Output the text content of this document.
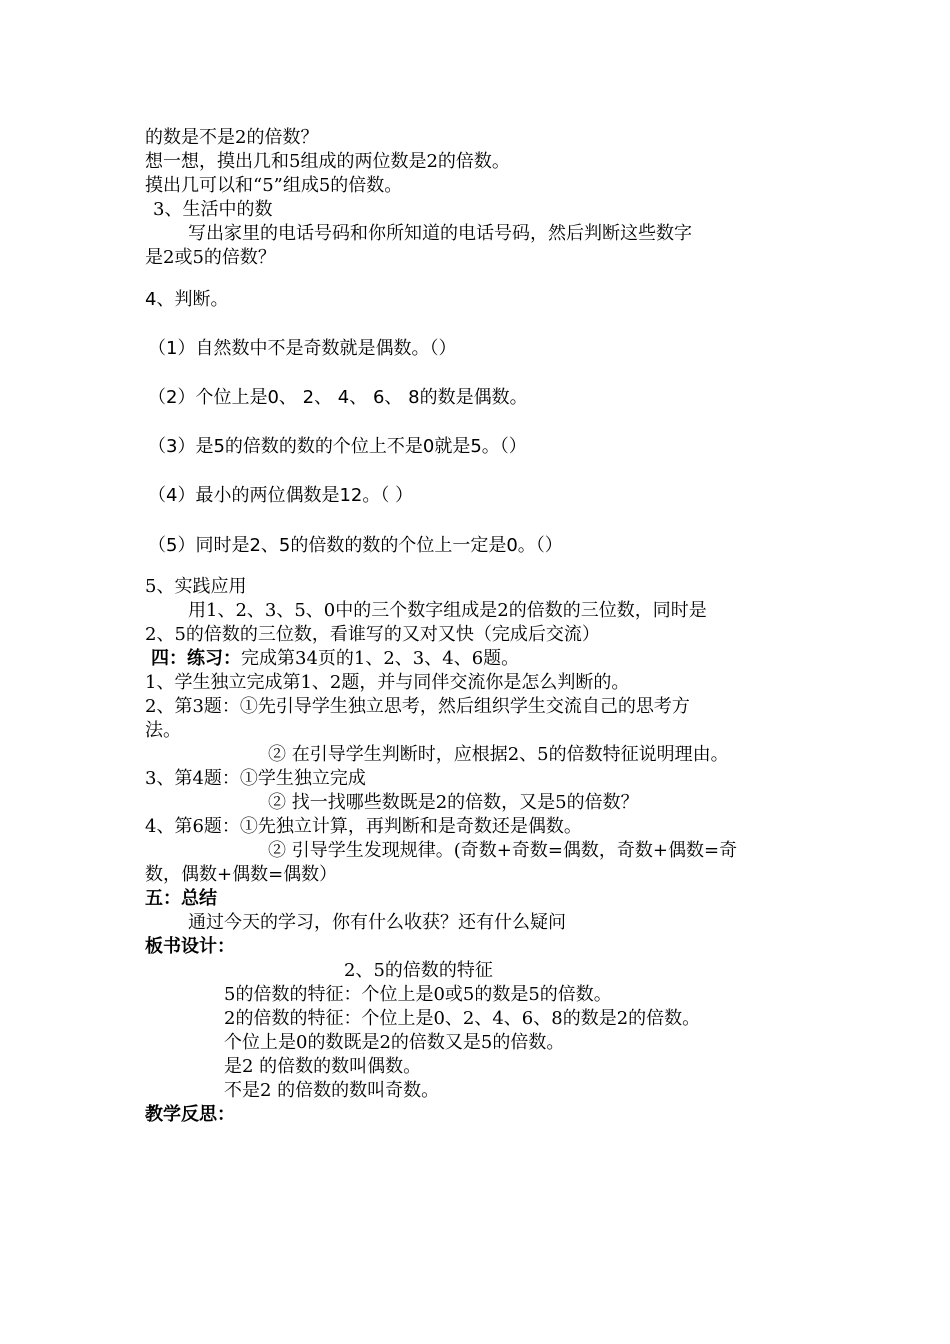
的数是不是2的倍数？
想一想，摸出几和5组成的两位数是2的倍数。
摸出几可以和“5”组成5的倍数。
3、生活中的数
写出家里的电话号码和你所知道的电话号码，然后判断这些数字
是2或5的倍数？
4、判断。
（1）自然数中不是奇数就是偶数。（）
（2）个位上是0、 2、 4、 6、 8的数是偶数。
（3）是5的倍数的数的个位上不是0就是5。（）
（4）最小的两位偶数是12。（ ）
（5）同时是2、5的倍数的数的个位上一定是0。（）
5、实践应用
用1、2、3、5、0中的三个数字组成是2的倍数的三位数，同时是
2、5的倍数的三位数，看谁写的又对又快（完成后交流）
四：练习：完成第34页的1、2、3、4、6题。
1、学生独立完成第1、2题，并与同伴交流你是怎么判断的。
2、第3题：①先引导学生独立思考，然后组织学生交流自己的思考方
法。
② 在引导学生判断时，应根据2、5的倍数特征说明理由。
3、第4题：①学生独立完成
② 找一找哪些数既是2的倍数，又是5的倍数？
4、第6题：①先独立计算，再判断和是奇数还是偶数。
② 引导学生发现规律。(奇数+奇数=偶数，奇数+偶数=奇
数，偶数+偶数=偶数）
五：总结
通过今天的学习，你有什么收获？还有什么疑问
板书设计：
2、5的倍数的特征
5的倍数的特征：个位上是0或5的数是5的倍数。
2的倍数的特征：个位上是0、2、4、6、8的数是2的倍数。
个位上是0的数既是2的倍数又是5的倍数。
是2 的倍数的数叫偶数。
不是2 的倍数的数叫奇数。
教学反思：
